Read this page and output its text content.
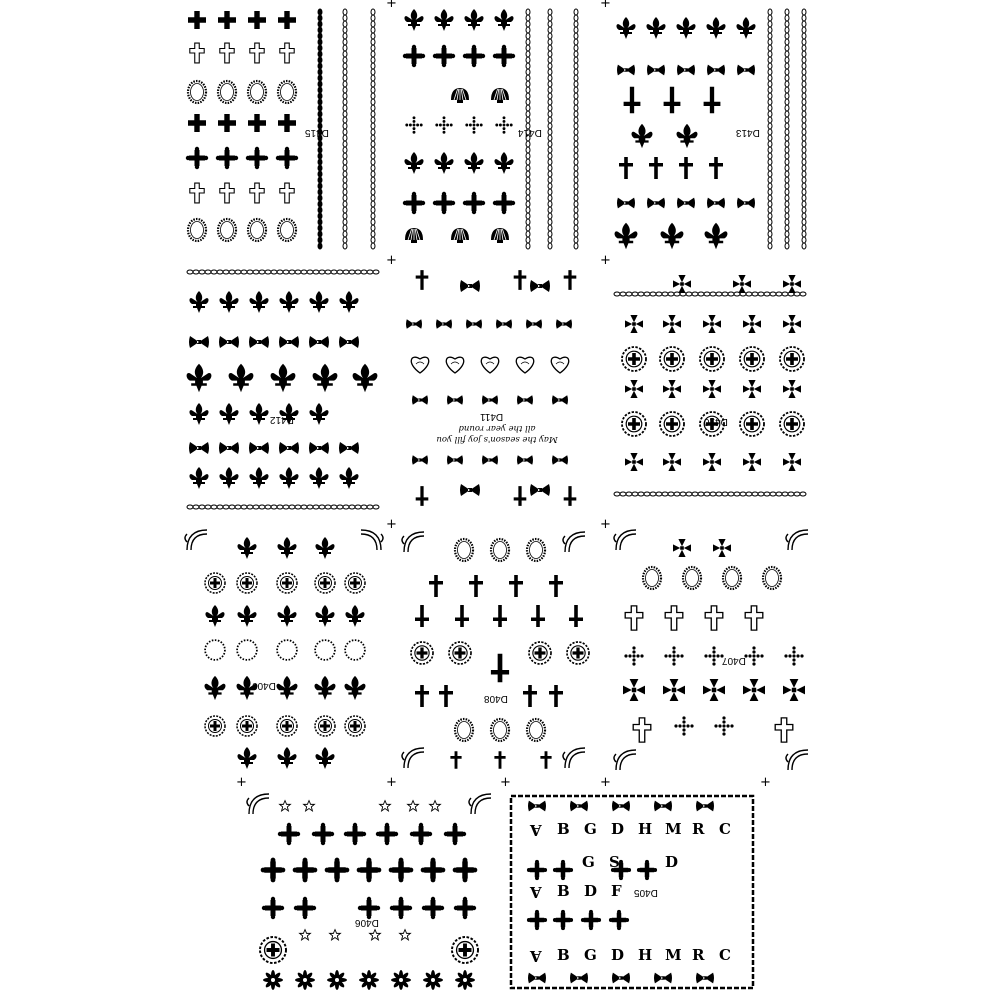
+	+
+	+
+	+
+	+
+	+	+
D415	D414	D413
D412	D411
May the season's joy fill you
all the year round
D410
D409
D408
D407
D406
D405
A B G D H M R C
G S	D
A B D F
A B G D H M R C
